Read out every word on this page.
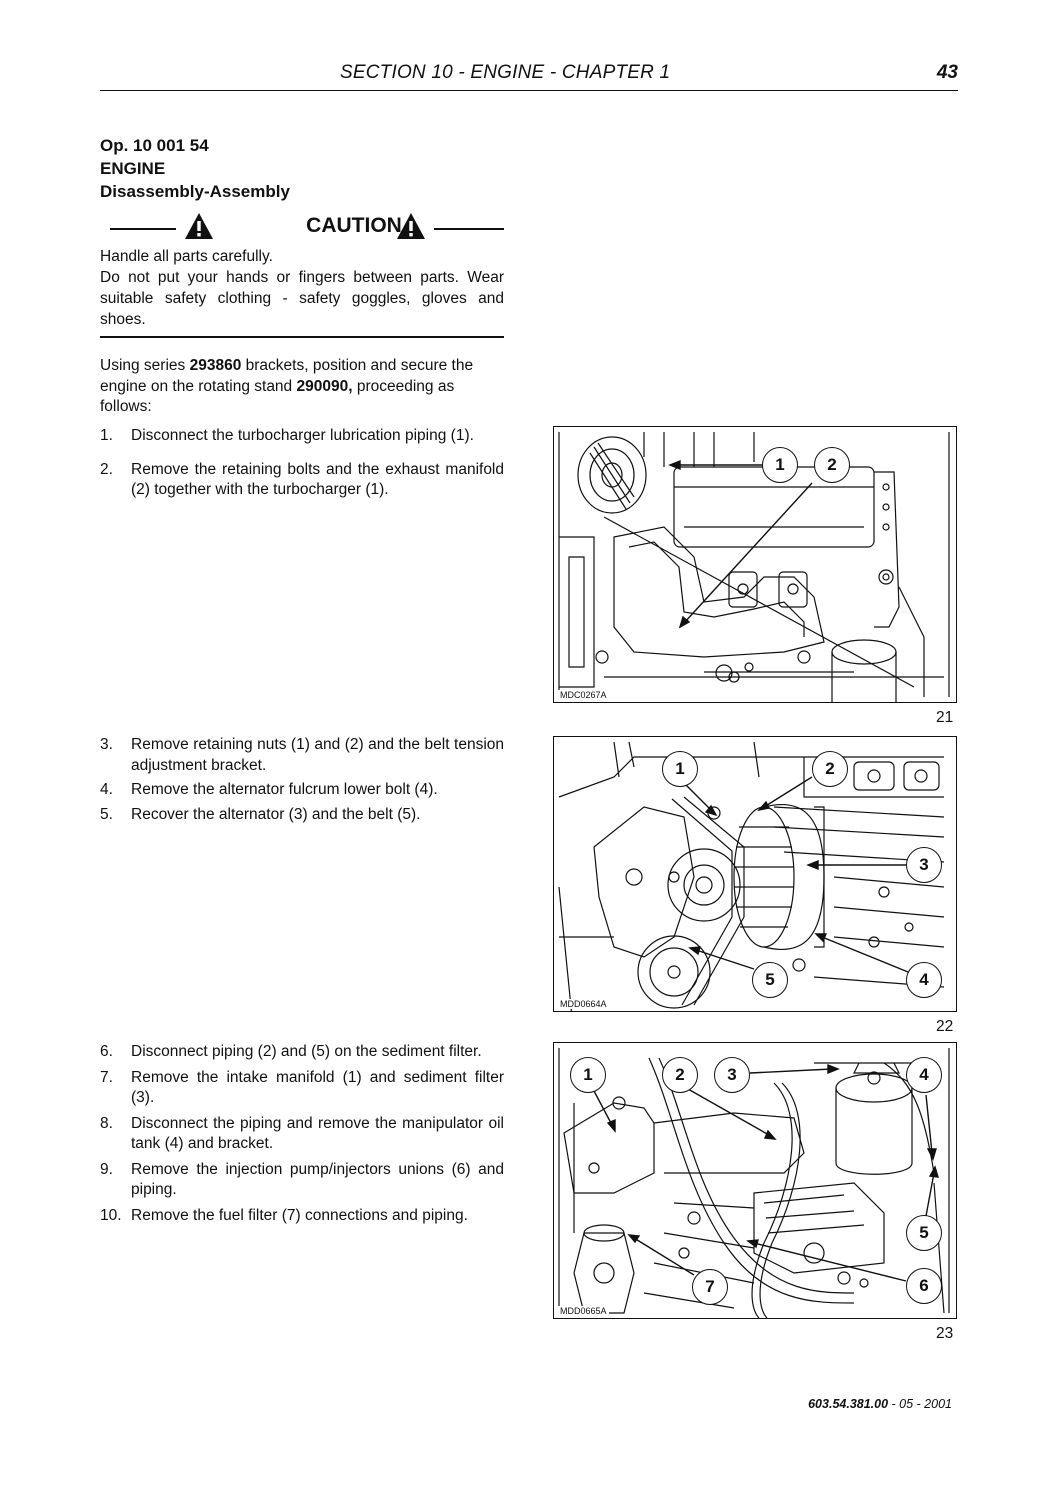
SECTION 10 - ENGINE - CHAPTER 1	43
Op. 10 001 54
ENGINE
Disassembly-Assembly
CAUTION
Handle all parts carefully.
Do not put your hands or fingers between parts. Wear suitable safety clothing - safety goggles, gloves and shoes.
Using series 293860 brackets, position and secure the engine on the rotating stand 290090, proceeding as follows:
1. Disconnect the turbocharger lubrication piping (1).
2. Remove the retaining bolts and the exhaust manifold (2) together with the turbocharger (1).
3. Remove retaining nuts (1) and (2) and the belt tension adjustment bracket.
4. Remove the alternator fulcrum lower bolt (4).
5. Recover the alternator (3) and the belt (5).
6. Disconnect piping (2) and (5) on the sediment filter.
7. Remove the intake manifold (1) and sediment filter (3).
8. Disconnect the piping and remove the manipulator oil tank (4) and bracket.
9. Remove the injection pump/injectors unions (6) and piping.
10. Remove the fuel filter (7) connections and piping.
1	2
MDC0267A
21
1	2
3
4
5
MDD0664A
22
1	2	3	4
5
6
7
MDD0665A
23
603.54.381.00 - 05 - 2001
